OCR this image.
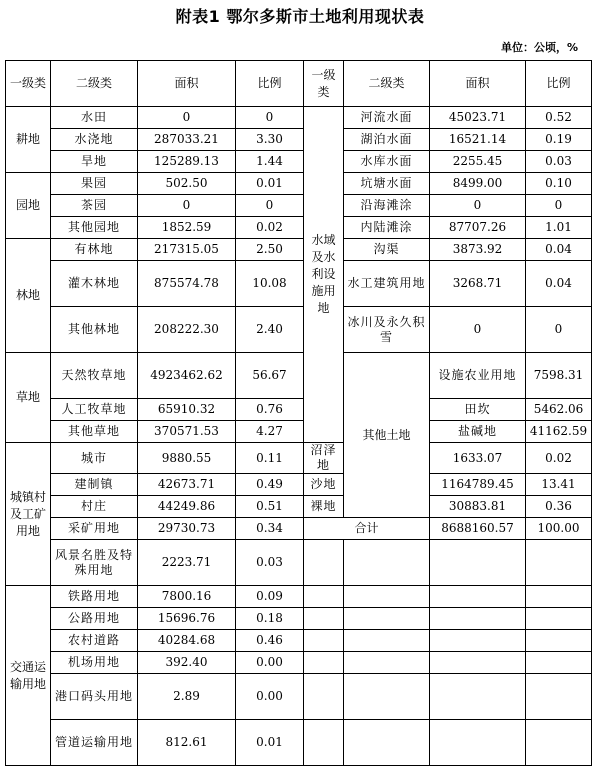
附表1 鄂尔多斯市土地利用现状表
单位：公顷，%
一级类	二级类	面积	比例	一级类	二级类	面积	比例	
耕地	水田	0	0	水域及水利设施用地	河流水面	45023.71	0.52	
	水浇地	287033.21	3.30		湖泊水面	16521.14	0.19	
	旱地	125289.13	1.44		水库水面	2255.45	0.03	
园地	果园	502.50	0.01		坑塘水面	8499.00	0.10	
	茶园	0	0		沿海滩涂	0	0	
	其他园地	1852.59	0.02		内陆滩涂	87707.26	1.01	
林地	有林地	217315.05	2.50		沟渠	3873.92	0.04	
	灌木林地	875574.78	10.08		水工建筑用地	3268.71	0.04	
	其他林地	208222.30	2.40		冰川及永久积雪	0	0	
草地	天然牧草地	4923462.62	56.67		其他土地	设施农业用地	7598.31	
	人工牧草地	65910.32	0.76			田坎	5462.06	
	其他草地	370571.53	4.27			盐碱地	41162.59	
城镇村及工矿用地	城市	9880.55	0.11	沼泽地		1633.07	0.02	
	建制镇	42673.71	0.49	沙地		1164789.45	13.41	
	村庄	44249.86	0.51	裸地		30883.81	0.36	
	采矿用地	29730.73	0.34	合计		8688160.57	100.00	
	风景名胜及特殊用地	2223.71	0.03					
交通运输用地	铁路用地	7800.16	0.09					
	公路用地	15696.76	0.18					
	农村道路	40284.68	0.46					
	机场用地	392.40	0.00					
	港口码头用地	2.89	0.00					
	管道运输用地	812.61	0.01					
